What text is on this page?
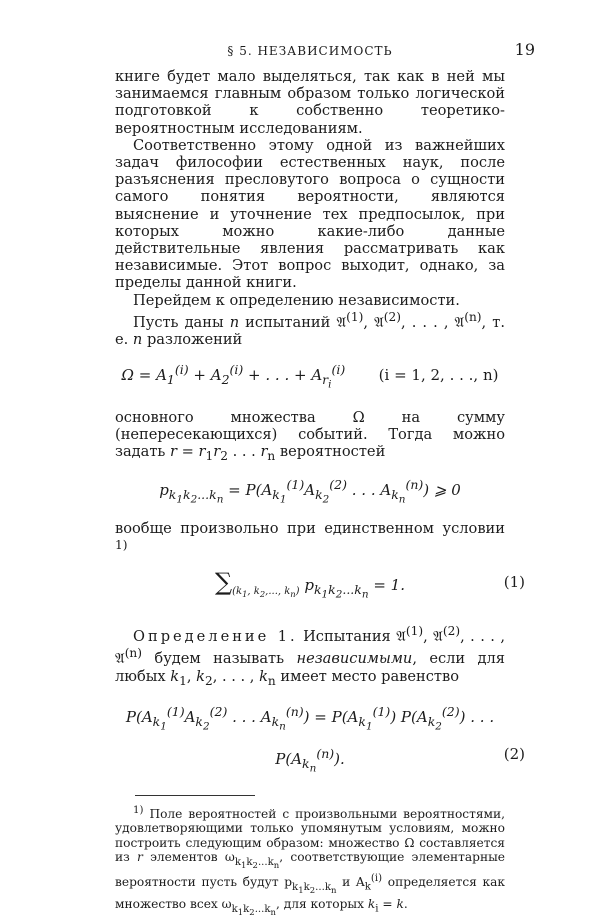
§ 5. НЕЗАВИСИМОСТЬ	19

книге будет мало выделяться, так как в ней мы занимаемся главным образом только логической подготовкой к собственно теоретико-вероятностным исследованиям.

Соответственно этому одной из важнейших задач философии естественных наук, после разъяснения пресловутого вопроса о сущности самого понятия вероятности, являются выяснение и уточнение тех предпосылок, при которых можно какие-либо данные действительные явления рассматривать как независимые. Этот вопрос выходит, однако, за пределы данной книги.

Перейдем к определению независимости.

Пусть даны n испытаний 𝔄$^{(1)}$, 𝔄$^{(2)}$, . . . , 𝔄$^{(n)}$, т. е. n разложений

$\Omega = A_1^{(i)} + A_2^{(i)}$ + . . . + $A_{r_i}^{(i)}$ (i = 1, 2, . . ., n)

основного множества Ω на сумму (непересекающихся) событий. Тогда можно задать $r = r_1r_2$ . . . $r_n$ вероятностей

$p_{k_1k_2...k_n} = P(A_{k_1}^{(1)}A_{k_2}^{(2)}$ . . . $A_{k_n}^{(n)}$) ⩾ 0

вообще произвольно при единственном условии $^{1)}$

$\sum_{(k_1, k_2,..., k_n)}$ $p_{k_1k_2...k_n} = 1$.	(1)

Определение 1. Испытания 𝔄$^{(1)}$, 𝔄$^{(2)}$, . . . , 𝔄$^{(n)}$ будем называть независимыми, если для любых $k_1$, $k_2$, . . . , $k_n$ имеет место равенство

$P(A_{k_1}^{(1)}A_{k_2}^{(2)}$ . . . $A_{k_n}^{(n)}) = P(A_{k_1}^{(1)})$ $P(A_{k_2}^{(2)})$ . . . $P(A_{k_n}^{(n)})$.	(2)

$^{1)}$ Поле вероятностей с произвольными вероятностями, удовлетворяющими только упомянутым условиям, можно построить следующим образом: множество Ω составляется из r элементов $\omega_{k_1k_2...k_n}$, соответствующие элементарные вероятности пусть будут $p_{k_1k_2...k_n}$ и $A_k^{(i)}$ определяется как множество всех $\omega_{k_1k_2...k_n}$, для которых $k_i = k$.
